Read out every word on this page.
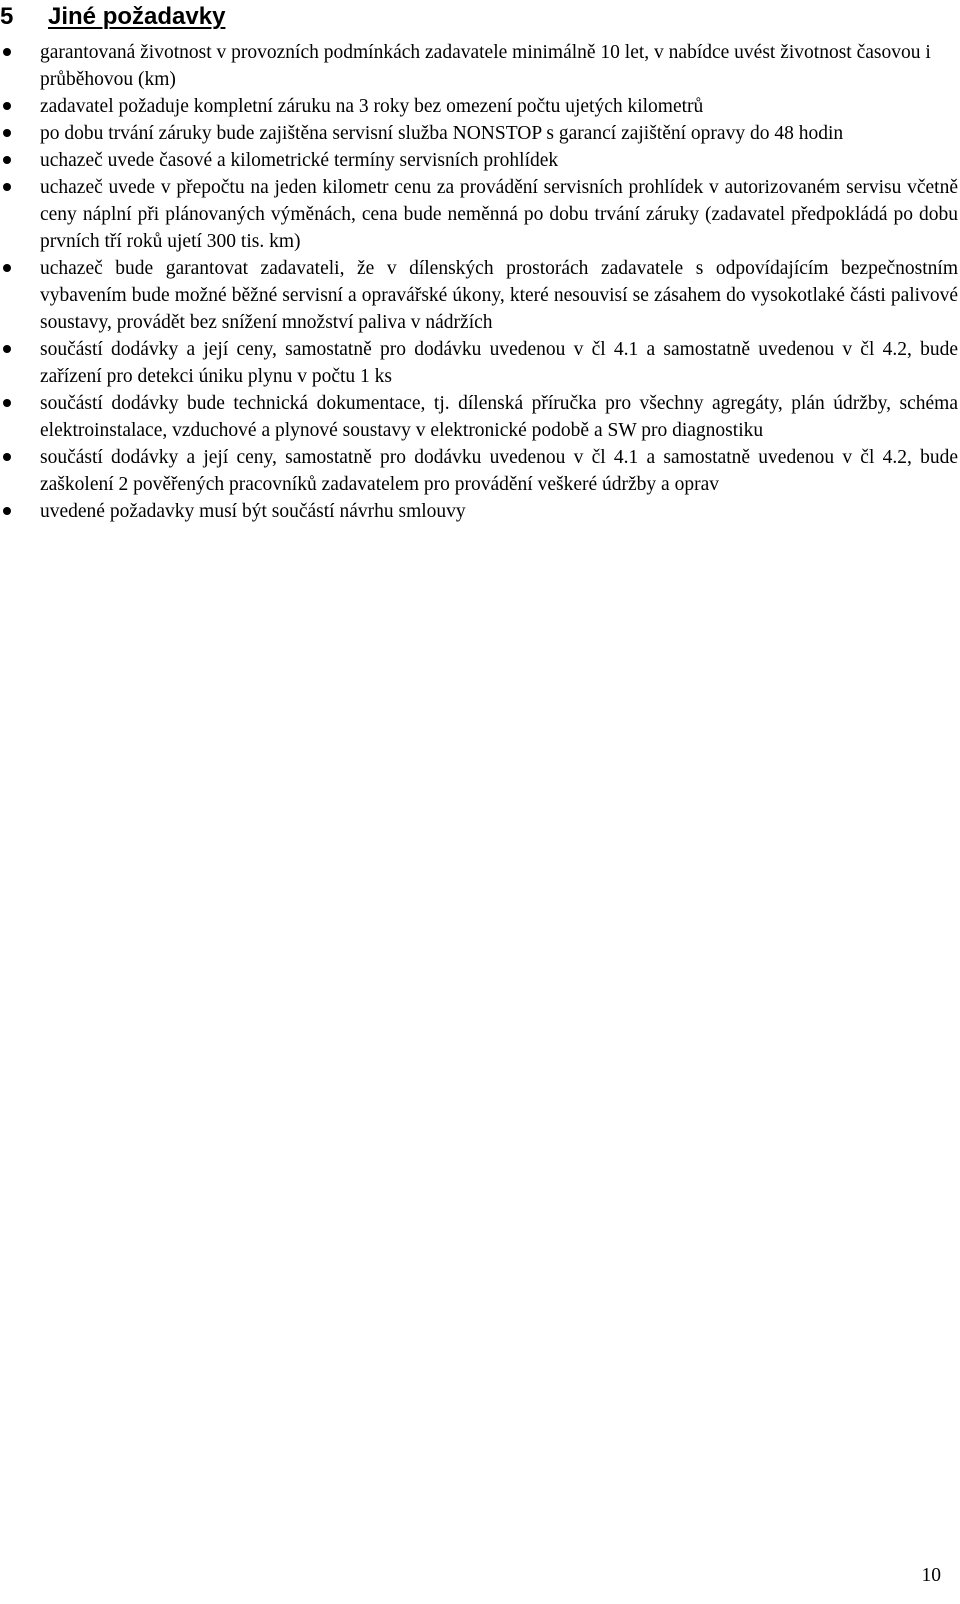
5	Jiné požadavky
garantovaná životnost v provozních podmínkách zadavatele minimálně 10 let, v nabídce uvést životnost časovou i průběhovou (km)
zadavatel požaduje kompletní záruku na 3 roky bez omezení počtu ujetých kilometrů
po dobu trvání záruky bude zajištěna servisní služba NONSTOP s garancí zajištění opravy do 48 hodin
uchazeč uvede časové a kilometrické termíny servisních prohlídek
uchazeč uvede v přepočtu na jeden kilometr cenu za provádění servisních prohlídek v autorizovaném servisu včetně ceny náplní při plánovaných výměnách, cena bude neměnná po dobu trvání záruky (zadavatel předpokládá po dobu prvních tří roků ujetí 300 tis. km)
uchazeč bude garantovat zadavateli, že v dílenských prostorách zadavatele s odpovídajícím bezpečnostním vybavením bude možné běžné servisní a opravářské úkony, které nesouvisí se zásahem do vysokotlaké části palivové soustavy, provádět bez snížení množství paliva v nádržích
součástí dodávky a její ceny, samostatně pro dodávku uvedenou v čl 4.1 a samostatně uvedenou v čl 4.2, bude zařízení pro detekci úniku plynu v počtu 1 ks
součástí dodávky bude technická dokumentace, tj. dílenská příručka pro všechny agregáty, plán údržby, schéma elektroinstalace, vzduchové a plynové soustavy v elektronické podobě a SW pro diagnostiku
součástí dodávky a její ceny, samostatně pro dodávku uvedenou v čl 4.1 a samostatně uvedenou v čl 4.2, bude zaškolení 2 pověřených pracovníků zadavatelem pro provádění veškeré údržby a oprav
uvedené požadavky musí být součástí návrhu smlouvy
10
